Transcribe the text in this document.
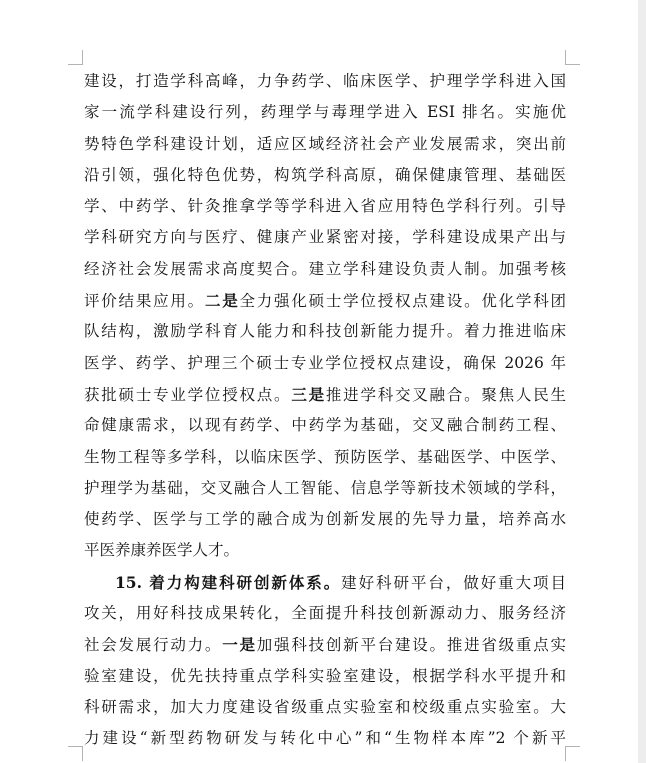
建设，打造学科高峰，力争药学、临床医学、护理学学科进入国
家一流学科建设行列，药理学与毒理学进入 ESI 排名。实施优
势特色学科建设计划，适应区域经济社会产业发展需求，突出前
沿引领，强化特色优势，构筑学科高原，确保健康管理、基础医
学、中药学、针灸推拿学等学科进入省应用特色学科行列。引导
学科研究方向与医疗、健康产业紧密对接，学科建设成果产出与
经济社会发展需求高度契合。建立学科建设负责人制。加强考核
评价结果应用。二是全力强化硕士学位授权点建设。优化学科团
队结构，激励学科育人能力和科技创新能力提升。着力推进临床
医学、药学、护理三个硕士专业学位授权点建设，确保 2026 年
获批硕士专业学位授权点。三是推进学科交叉融合。聚焦人民生
命健康需求，以现有药学、中药学为基础，交叉融合制药工程、
生物工程等多学科，以临床医学、预防医学、基础医学、中医学、
护理学为基础，交叉融合人工智能、信息学等新技术领域的学科，
使药学、医学与工学的融合成为创新发展的先导力量，培养高水
平医养康养医学人才。
15. 着力构建科研创新体系。建好科研平台，做好重大项目
攻关，用好科技成果转化，全面提升科技创新源动力、服务经济
社会发展行动力。一是加强科技创新平台建设。推进省级重点实
验室建设，优先扶持重点学科实验室建设，根据学科水平提升和
科研需求，加大力度建设省级重点实验室和校级重点实验室。大
力建设“新型药物研发与转化中心”和“生物样本库”2 个新平
